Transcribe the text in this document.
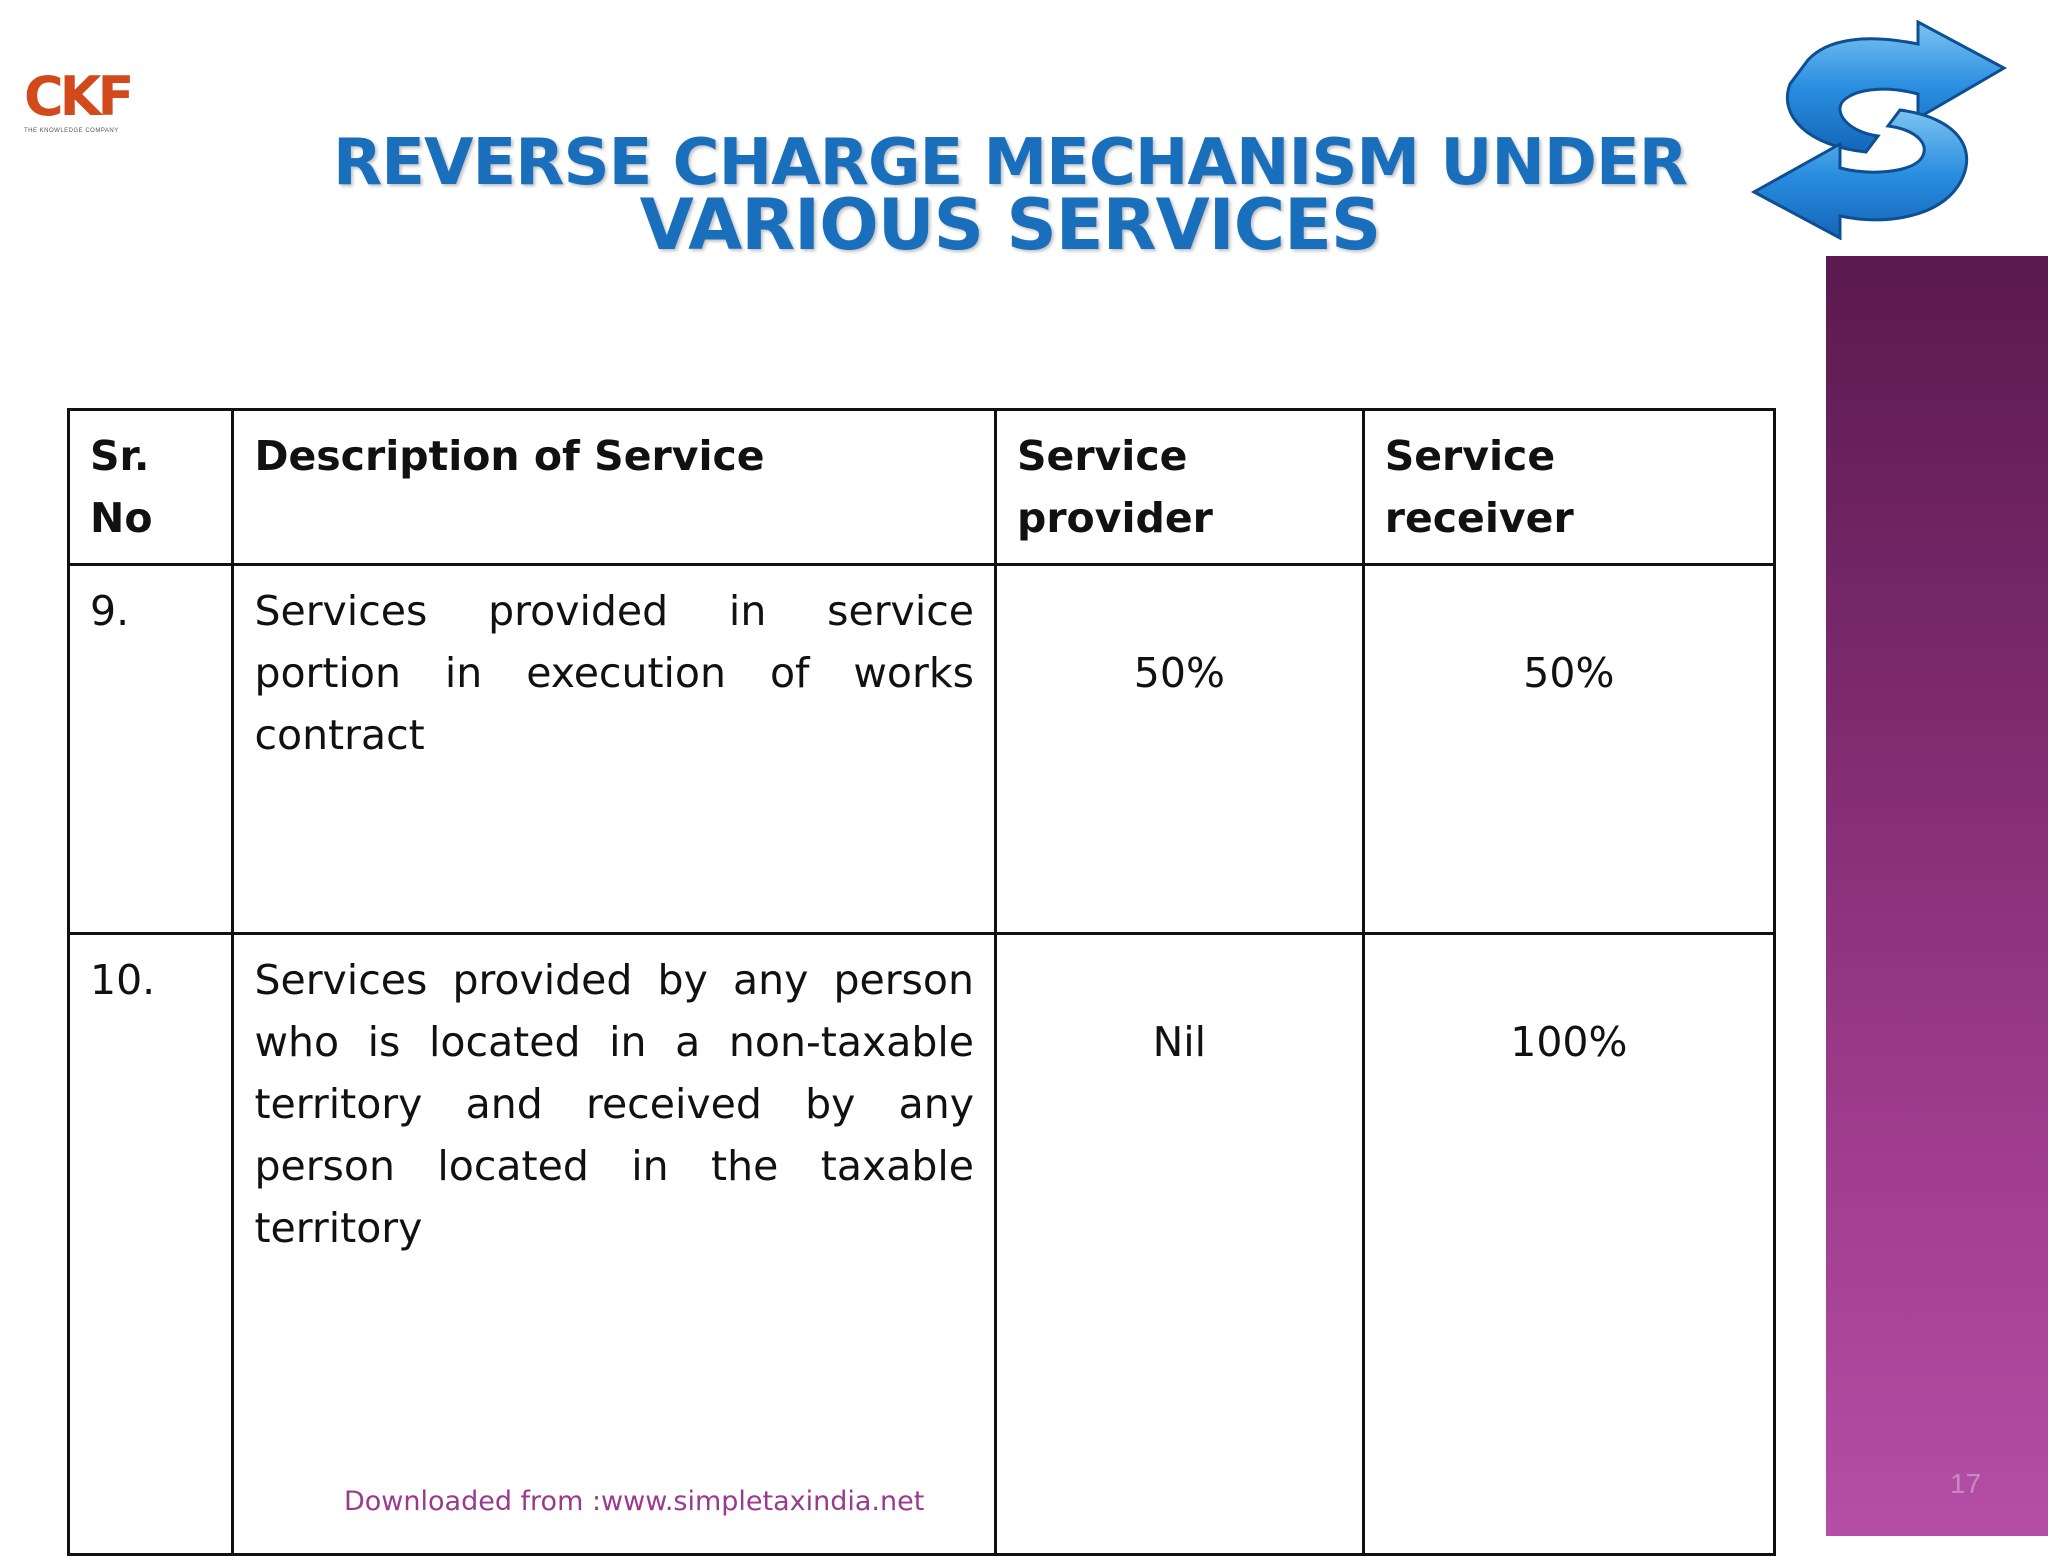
CKF
THE KNOWLEDGE COMPANY	REVERSE CHARGE MECHANISM UNDER
VARIOUS SERVICES
Sr. No	Description of Service	Service provider	Service receiver
9.	Services provided in service portion in execution of works contract	50%	50%
10.	Services provided by any person who is located in a non-taxable territory and received by any person located in the taxable territory	Nil	100%
Downloaded from :www.simpletaxindia.net
17
